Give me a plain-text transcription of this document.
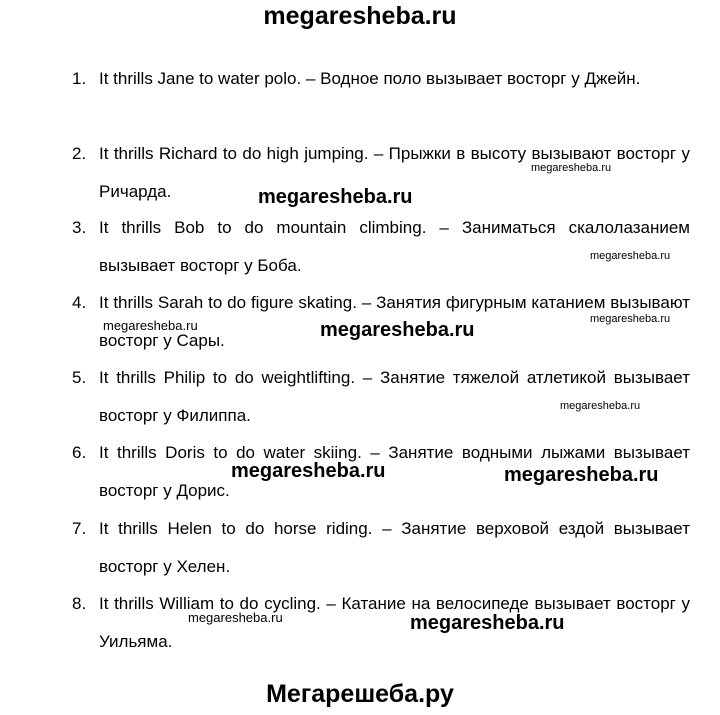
megaresheba.ru
1. It thrills Jane to water polo. – Водное поло вызывает восторг у Джейн.
2. It thrills Richard to do high jumping. – Прыжки в высоту вызывают восторг у Ричарда.
3. It thrills Bob to do mountain climbing. – Заниматься скалолазанием вызывает восторг у Боба.
4. It thrills Sarah to do figure skating. – Занятия фигурным катанием вызывают восторг у Сары.
5. It thrills Philip to do weightlifting. – Занятие тяжелой атлетикой вызывает восторг у Филиппа.
6. It thrills Doris to do water skiing. – Занятие водными лыжами вызывает восторг у Дорис.
7. It thrills Helen to do horse riding. – Занятие верховой ездой вызывает восторг у Хелен.
8. It thrills William to do cycling. – Катание на велосипеде вызывает восторг у Уильяма.
megaresheba.ru
megaresheba.ru
megaresheba.ru
megaresheba.ru	megaresheba.ru	megaresheba.ru
megaresheba.ru	megaresheba.ru
megaresheba.ru	megaresheba.ru
Мегарешеба.ру
megaresheba.ru
